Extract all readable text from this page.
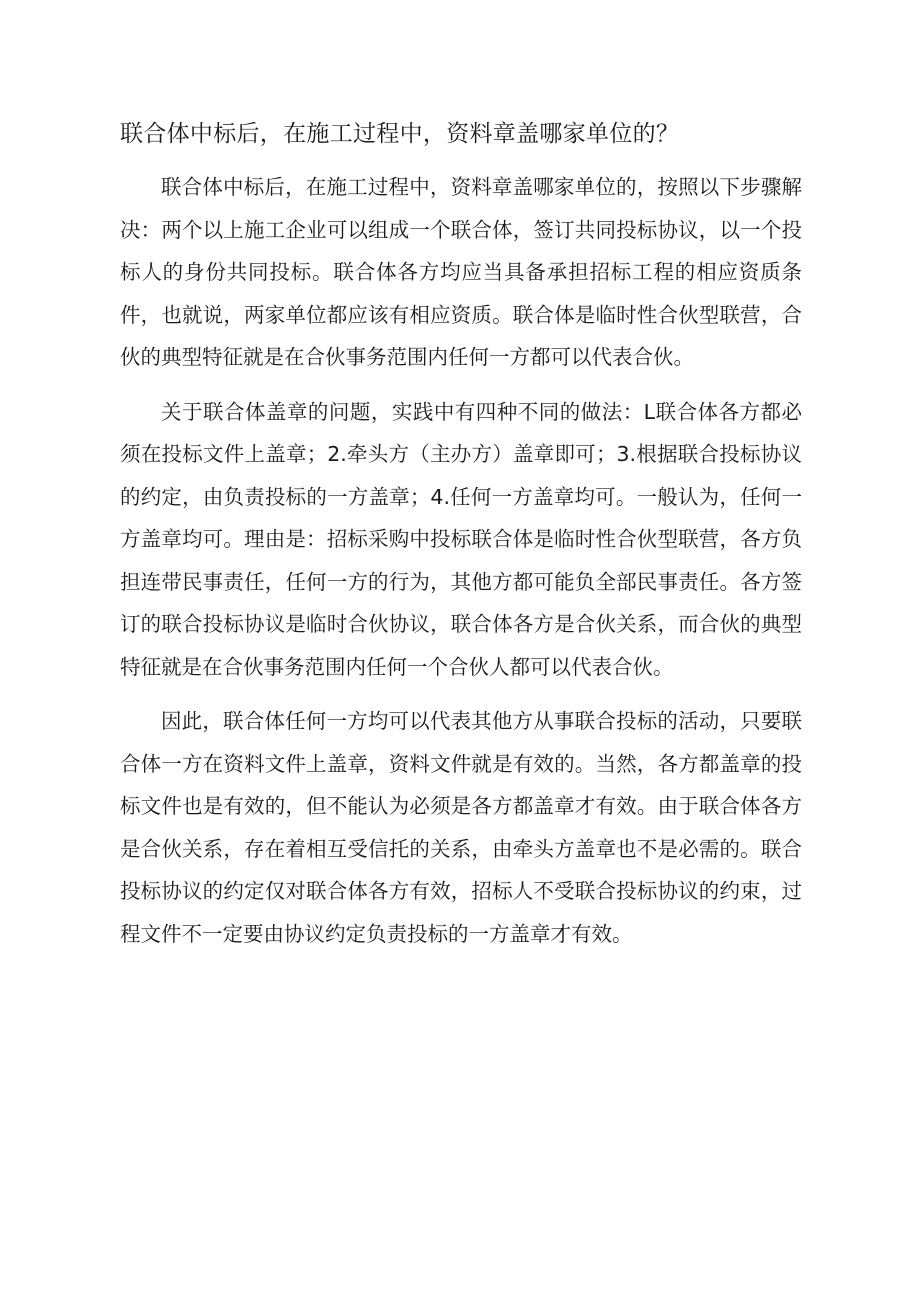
联合体中标后，在施工过程中，资料章盖哪家单位的？

联合体中标后，在施工过程中，资料章盖哪家单位的，按照以下步骤解决：两个以上施工企业可以组成一个联合体，签订共同投标协议，以一个投标人的身份共同投标。联合体各方均应当具备承担招标工程的相应资质条件，也就说，两家单位都应该有相应资质。联合体是临时性合伙型联营，合伙的典型特征就是在合伙事务范围内任何一方都可以代表合伙。

关于联合体盖章的问题，实践中有四种不同的做法：L联合体各方都必须在投标文件上盖章；2.牵头方（主办方）盖章即可；3.根据联合投标协议的约定，由负责投标的一方盖章；4.任何一方盖章均可。一般认为，任何一方盖章均可。理由是：招标采购中投标联合体是临时性合伙型联营，各方负担连带民事责任，任何一方的行为，其他方都可能负全部民事责任。各方签订的联合投标协议是临时合伙协议，联合体各方是合伙关系，而合伙的典型特征就是在合伙事务范围内任何一个合伙人都可以代表合伙。

因此，联合体任何一方均可以代表其他方从事联合投标的活动，只要联合体一方在资料文件上盖章，资料文件就是有效的。当然，各方都盖章的投标文件也是有效的，但不能认为必须是各方都盖章才有效。由于联合体各方是合伙关系，存在着相互受信托的关系，由牵头方盖章也不是必需的。联合投标协议的约定仅对联合体各方有效，招标人不受联合投标协议的约束，过程文件不一定要由协议约定负责投标的一方盖章才有效。
